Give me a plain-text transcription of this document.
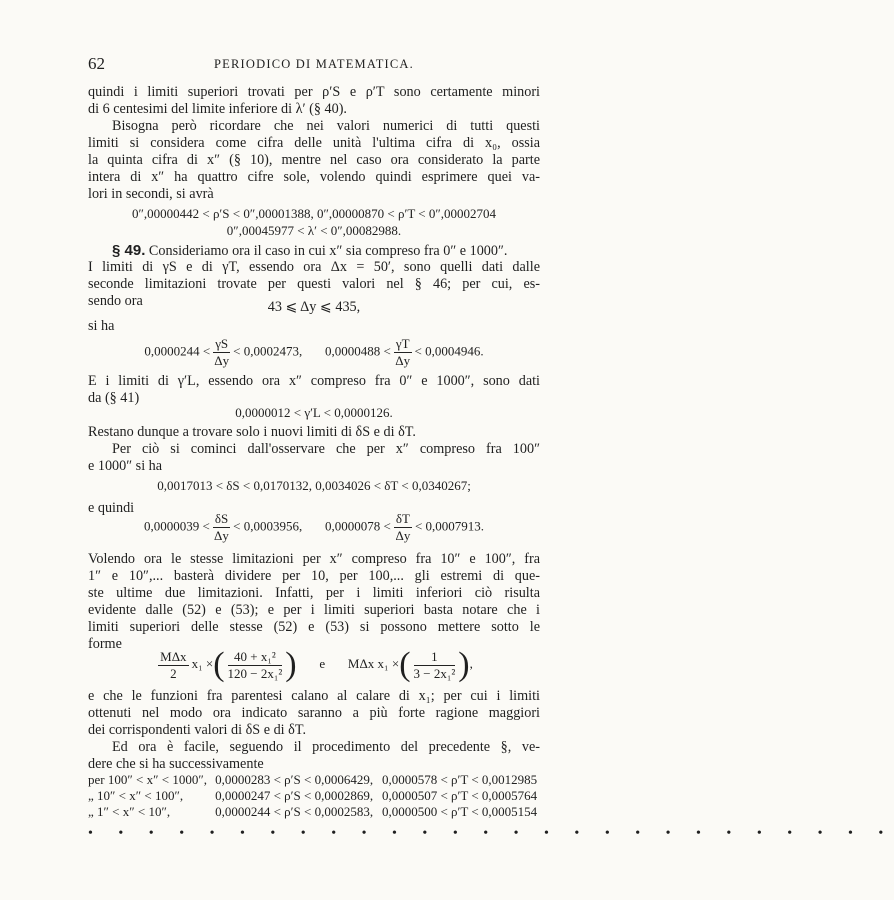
62	PERIODICO DI MATEMATICA.
quindi i limiti superiori trovati per ρ′S e ρ′T sono certamente minori
di 6 centesimi del limite inferiore di λ′ (§ 40).
Bisogna però ricordare che nei valori numerici di tutti questi
limiti si considera come cifra delle unità l'ultima cifra di x₀, ossia
la quinta cifra di x″ (§ 10), mentre nel caso ora considerato la parte
intera di x″ ha quattro cifre sole, volendo quindi esprimere quei va-
lori in secondi, si avrà
0″,00000442 < ρ′S < 0″,00001388, 0″,00000870 < ρ′T < 0″,00002704
0″,00045977 < λ′ < 0″,00082988.
§ 49. Consideriamo ora il caso in cui x″ sia compreso fra 0″ e 1000″.
I limiti di γS e di γT, essendo ora Δx = 50′, sono quelli dati dalle
seconde limitazioni trovate per questi valori nel § 46; per cui, es-
sendo ora	43 ⩽ Δy ⩽ 435,
si ha
$0,0000244 < \frac{\gamma S}{\Delta y} < 0,0002473$, $0,0000488 < \frac{\gamma T}{\Delta y} < 0,0004946$.
E i limiti di γ′L, essendo ora x″ compreso fra 0″ e 1000″, sono dati
da (§ 41)
0,0000012 < γ′L < 0,0000126.
Restano dunque a trovare solo i nuovi limiti di δS e di δT.
Per ciò si cominci dall'osservare che per x″ compreso fra 100″
e 1000″ si ha
0,0017013 < δS < 0,0170132, 0,0034026 < δT < 0,0340267;
e quindi
$0,0000039 < \frac{\delta S}{\Delta y} < 0,0003956$, $0,0000078 < \frac{\delta T}{\Delta y} < 0,0007913$.
Volendo ora le stesse limitazioni per x″ compreso fra 10″ e 100″, fra
1″ e 10″,... basterà dividere per 10, per 100,... gli estremi di que-
ste ultime due limitazioni. Infatti, per i limiti inferiori ciò risulta
evidente dalle (52) e (53); e per i limiti superiori basta notare che i
limiti superiori delle stesse (52) e (53) si possono mettere sotto le
forme
$\frac{\text{MΔx}}{2} x_1$ ×( $\frac{\text{40 + x₁²}}{\text{120 − 2x₁²}}$ ) e MΔx x₁ ×( $\frac{1}{\text{3 − 2x₁²}}$ ),
e che le funzioni fra parentesi calano al calare di x₁; per cui i limiti
ottenuti nel modo ora indicato saranno a più forte ragione maggiori
dei corrispondenti valori di δS e di δT.
Ed ora è facile, seguendo il procedimento del precedente §, ve-
dere che si ha successivamente
per 100″ < x″ < 1000″,	0,0000283 < ρ′S < 0,0006429,	0,0000578 < ρ′T < 0,0012985
„ 10″ < x″ < 100″,	0,0000247 < ρ′S < 0,0002869,	0,0000507 < ρ′T < 0,0005764
„ 1″ < x″ < 10″,	0,0000244 < ρ′S < 0,0002583,	0,0000500 < ρ′T < 0,0005154
• • • • • • • • • • • • • • • • • • • • • • • • • • •
